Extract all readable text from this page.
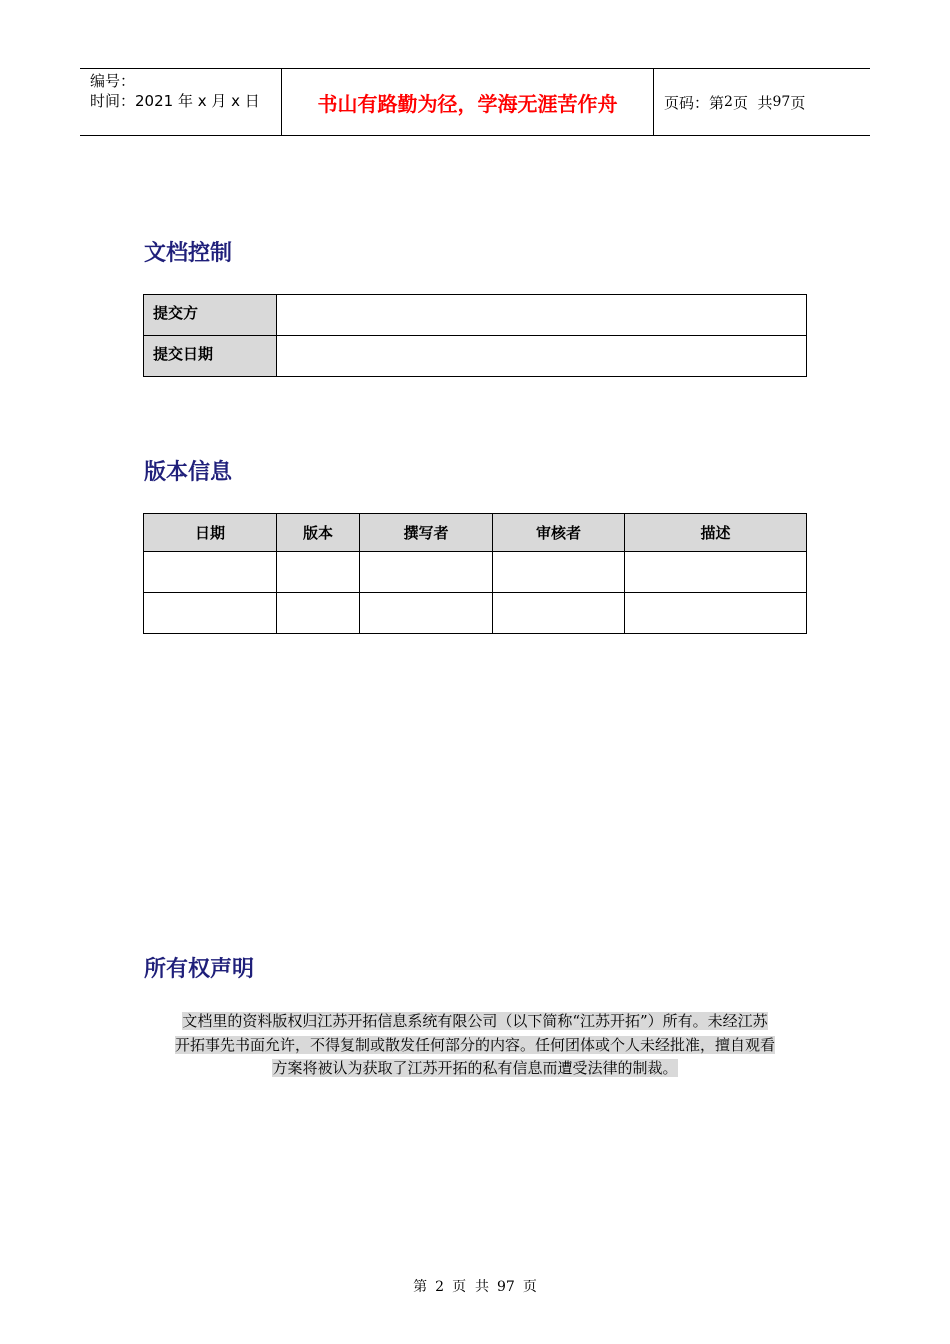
编号：
时间：2021 年 x 月 x 日	书山有路勤为径，学海无涯苦作舟	页码：第 2 页  共 97 页
文档控制
提交方	
提交日期	
版本信息
日期	版本	撰写者	审核者	描述

所有权声明
文档里的资料版权归江苏开拓信息系统有限公司（以下简称“江苏开拓”）所有。未经江苏
开拓事先书面允许，不得复制或散发任何部分的内容。任何团体或个人未经批准，擅自观看
方案将被认为获取了江苏开拓的私有信息而遭受法律的制裁。
第 2 页  共 97 页
